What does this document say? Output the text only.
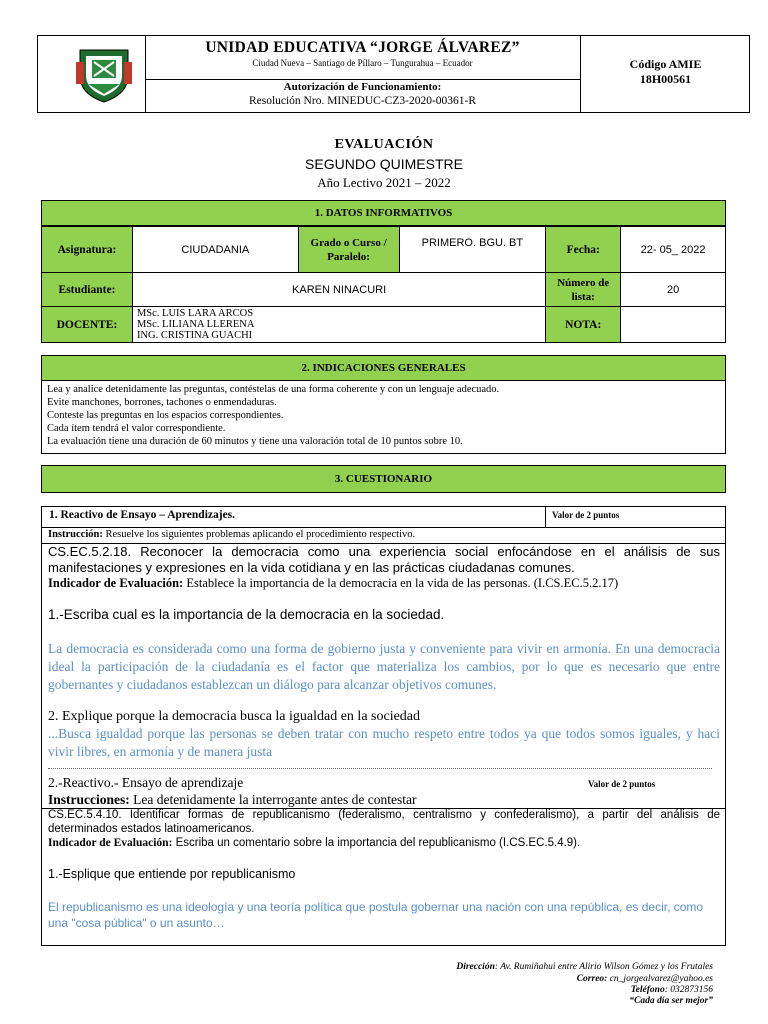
UNIDAD EDUCATIVA “JORGE ÁLVAREZ”
Ciudad Nueva – Santiago de Píllaro – Tungurahua – Ecuador
Autorización de Funcionamiento:
Resolución Nro. MINEDUC-CZ3-2020-00361-R
Código AMIE
18H00561
EVALUACIÓN
SEGUNDO QUIMESTRE
Año Lectivo 2021 – 2022
1. DATOS INFORMATIVOS
Asignatura:	CIUDADANIA	Grado o Curso / Paralelo:	PRIMERO. BGU. BT	Fecha:	22- 05_ 2022
Estudiante:	KAREN NINACURI			Número de lista:	20
DOCENTE:	MSc. LUIS LARA ARCOS
MSc. LILIANA LLERENA
ING. CRISTINA GUACHI			NOTA:	
2. INDICACIONES GENERALES
Lea y analice detenidamente las preguntas, contéstelas de una forma coherente y con un lenguaje adecuado.
Evite manchones, borrones, tachones o enmendaduras.
Conteste las preguntas en los espacios correspondientes.
Cada ítem tendrá el valor correspondiente.
La evaluación tiene una duración de 60 minutos y tiene una valoración total de 10 puntos sobre 10.
3. CUESTIONARIO
1. Reactivo de Ensayo – Aprendizajes.	Valor de 2 puntos
Instrucción: Resuelve los siguientes problemas aplicando el procedimiento respectivo.
CS.EC.5.2.18. Reconocer la democracia como una experiencia social enfocándose en el análisis de sus manifestaciones y expresiones en la vida cotidiana y en las prácticas ciudadanas comunes.
Indicador de Evaluación: Establece la importancia de la democracia en la vida de las personas. (I.CS.EC.5.2.17)
1.-Escriba cual es la importancia de la democracia en la sociedad.
La democracia es considerada como una forma de gobierno justa y conveniente para vivir en armonía. En una democracia ideal la participación de la ciudadanía es el factor que materializa los cambios, por lo que es necesario que entre gobernantes y ciudadanos establezcan un diálogo para alcanzar objetivos comunes.
2. Explique porque la democracia busca la igualdad en la sociedad
...Busca igualdad porque las personas se deben tratar con mucho respeto entre todos ya que todos somos iguales, y haci vivir libres, en armonía y de manera justa
2.-Reactivo.- Ensayo de aprendizaje	Valor de 2 puntos
Instrucciones: Lea detenidamente la interrogante antes de contestar
CS.EC.5.4.10. Identificar formas de republicanismo (federalismo, centralismo y confederalismo), a partir del análisis de determinados estados latinoamericanos.
Indicador de Evaluación: Escriba un comentario sobre la importancia del republicanismo (I.CS.EC.5.4.9).
1.-Esplique que entiende por republicanismo
El republicanismo es una ideología y una teoría política que postula gobernar una nación con una república, es decir, como una "cosa pública" o un asunto…
Dirección: Av. Rumiñahui entre Alirio Wilson Gómez y los Frutales
Correo: cn_jorgealvarez@yahoo.es
Teléfono: 032873156
“Cada día ser mejor”
